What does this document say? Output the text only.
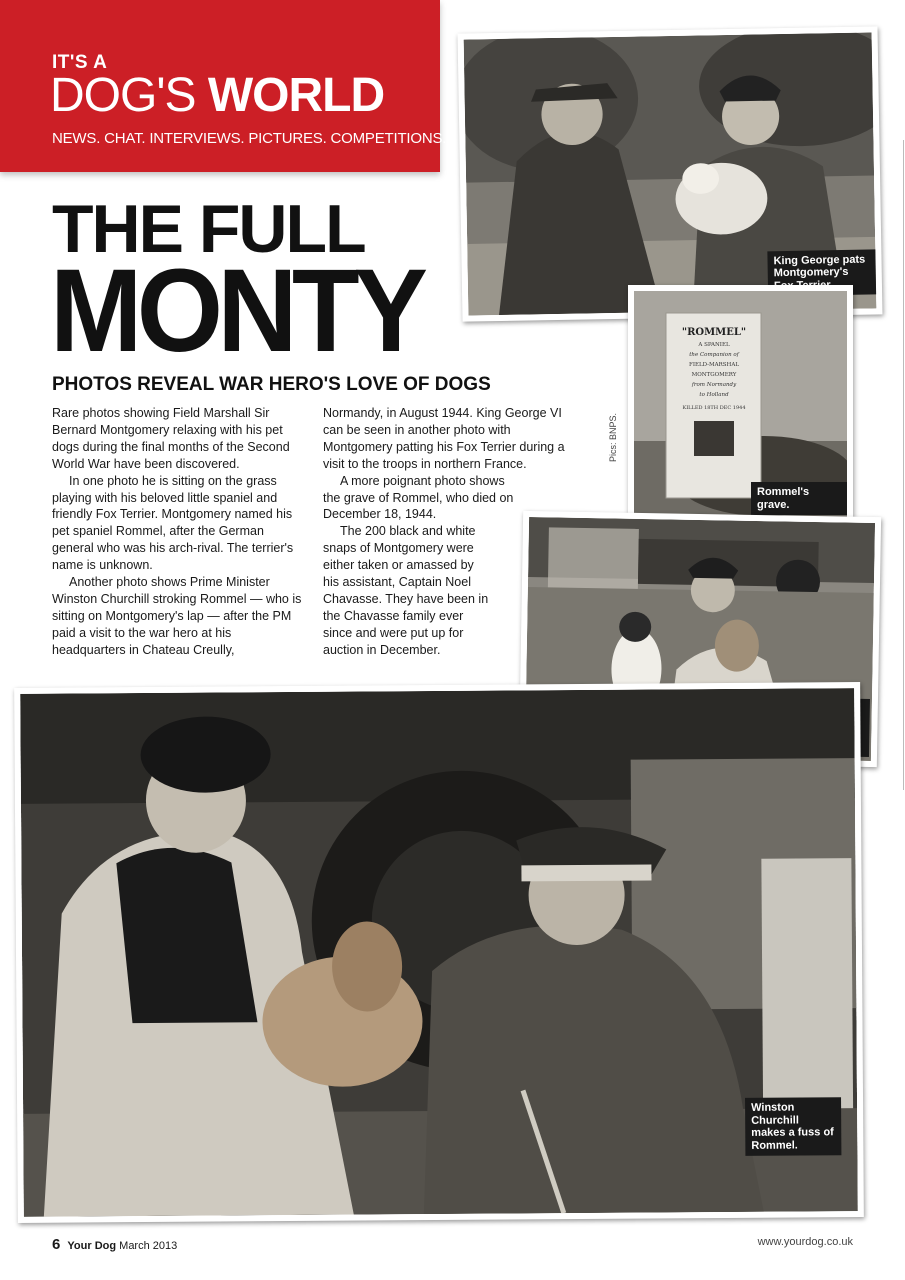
IT'S A
DOG'S WORLD
NEWS. CHAT. INTERVIEWS. PICTURES. COMPETITIONS.
THE FULL
MONTY
PHOTOS REVEAL WAR HERO'S LOVE OF DOGS

Rare photos showing Field Marshall Sir Bernard Montgomery relaxing with his pet dogs during the final months of the Second World War have been discovered.

In one photo he is sitting on the grass playing with his beloved little spaniel and friendly Fox Terrier. Montgomery named his pet spaniel Rommel, after the German general who was his arch-rival. The terrier's name is unknown.

Another photo shows Prime Minister Winston Churchill stroking Rommel — who is sitting on Montgomery's lap — after the PM paid a visit to the war hero at his headquarters in Chateau Creully,

Normandy, in August 1944. King George VI can be seen in another photo with Montgomery patting his Fox Terrier during a visit to the troops in northern France.

A more poignant photo shows the grave of Rommel, who died on December 18, 1944.

The 200 black and white snaps of Montgomery were either taken or amassed by his assistant, Captain Noel Chavasse. They have been in the Chavasse family ever since and were put up for auction in December.

Pics: BNPS.
King George pats Montgomery's
"ROMMEL"
A SPANIEL
the Companion of
FIELD-MARSHAL
MONTGOMERY
from Normandy
to Holland
KILLED 18TH DEC 1944
Rommel's grave.
Winston Churchill makes a fuss of Rommel.
6 Your Dog March 2013	www.yourdog.co.uk
